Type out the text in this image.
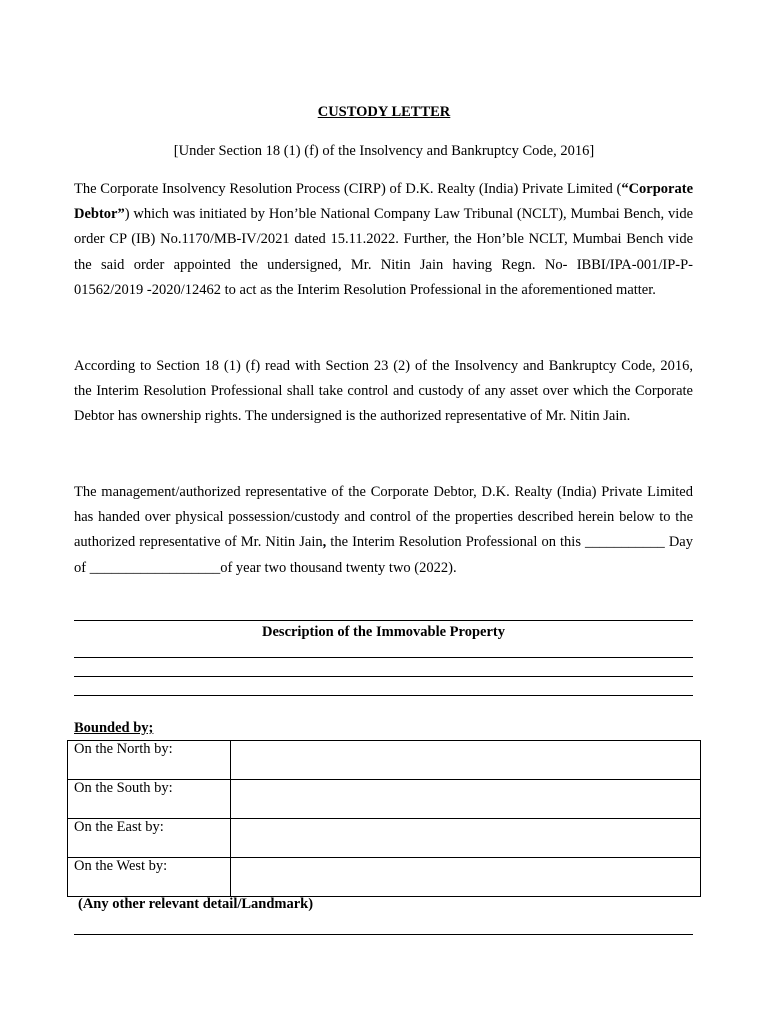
CUSTODY LETTER
[Under Section 18 (1) (f) of the Insolvency and Bankruptcy Code, 2016]

The Corporate Insolvency Resolution Process (CIRP) of D.K. Realty (India) Private Limited (“Corporate Debtor”) which was initiated by Hon’ble National Company Law Tribunal (NCLT), Mumbai Bench, vide order CP (IB) No.1170/MB-IV/2021 dated 15.11.2022. Further, the Hon’ble NCLT, Mumbai Bench vide the said order appointed the undersigned, Mr. Nitin Jain having Regn. No- IBBI/IPA-001/IP-P-01562/2019 -2020/12462 to act as the Interim Resolution Professional in the aforementioned matter.

According to Section 18 (1) (f) read with Section 23 (2) of the Insolvency and Bankruptcy Code, 2016, the Interim Resolution Professional shall take control and custody of any asset over which the Corporate Debtor has ownership rights. The undersigned is the authorized representative of Mr. Nitin Jain.

The management/authorized representative of the Corporate Debtor, D.K. Realty (India) Private Limited has handed over physical possession/custody and control of the properties described herein below to the authorized representative of Mr. Nitin Jain, the Interim Resolution Professional on this ___________ Day of __________________of year two thousand twenty two (2022).

Description of the Immovable Property
Bounded by;
On the North by:	
On the South by:	
On the East by:	
On the West by:	
(Any other relevant detail/Landmark)
